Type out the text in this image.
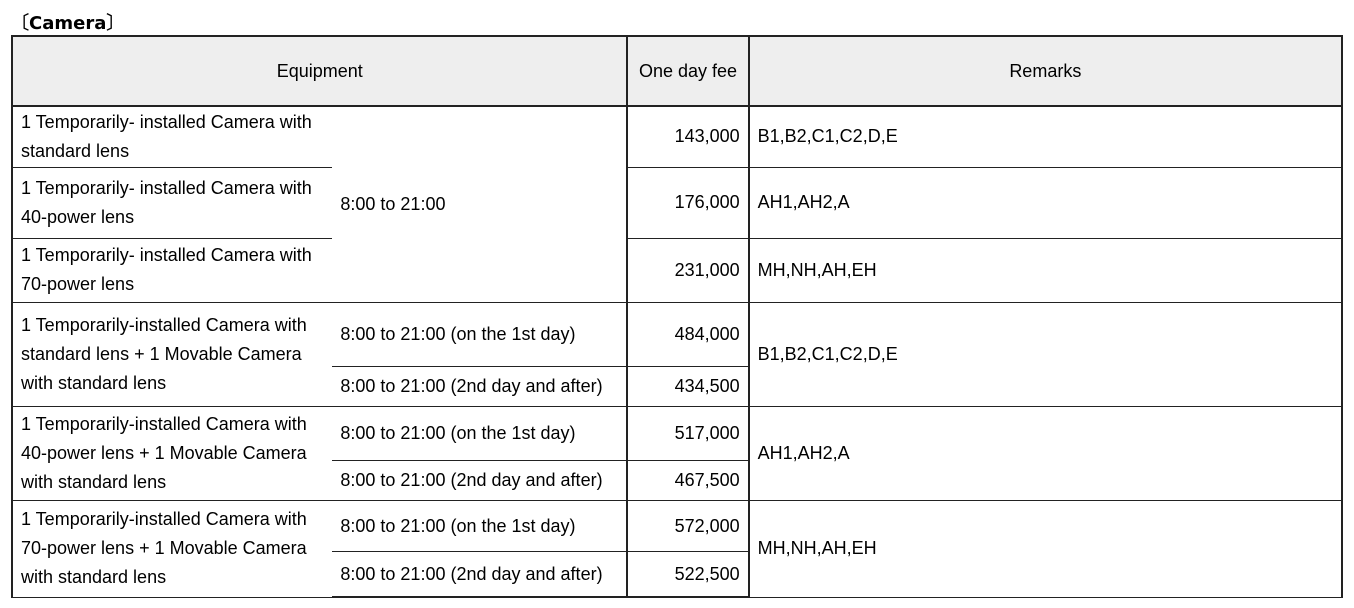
〔Camera〕
Equipment		One day fee	Remarks
1 Temporarily- installed Camera with standard lens	8:00 to 21:00	143,000	B1,B2,C1,C2,D,E
1 Temporarily- installed Camera with 40-power lens		176,000	AH1,AH2,A
1 Temporarily- installed Camera with 70-power lens		231,000	MH,NH,AH,EH
1 Temporarily-installed Camera with standard lens + 1 Movable Camera with standard lens	8:00 to 21:00 (on the 1st day)	484,000	B1,B2,C1,C2,D,E
	8:00 to 21:00 (2nd day and after)	434,500	
1 Temporarily-installed Camera with 40-power lens + 1 Movable Camera with standard lens	8:00 to 21:00 (on the 1st day)	517,000	AH1,AH2,A
	8:00 to 21:00 (2nd day and after)	467,500	
1 Temporarily-installed Camera with 70-power lens + 1 Movable Camera with standard lens	8:00 to 21:00 (on the 1st day)	572,000	MH,NH,AH,EH
	8:00 to 21:00 (2nd day and after)	522,500	
